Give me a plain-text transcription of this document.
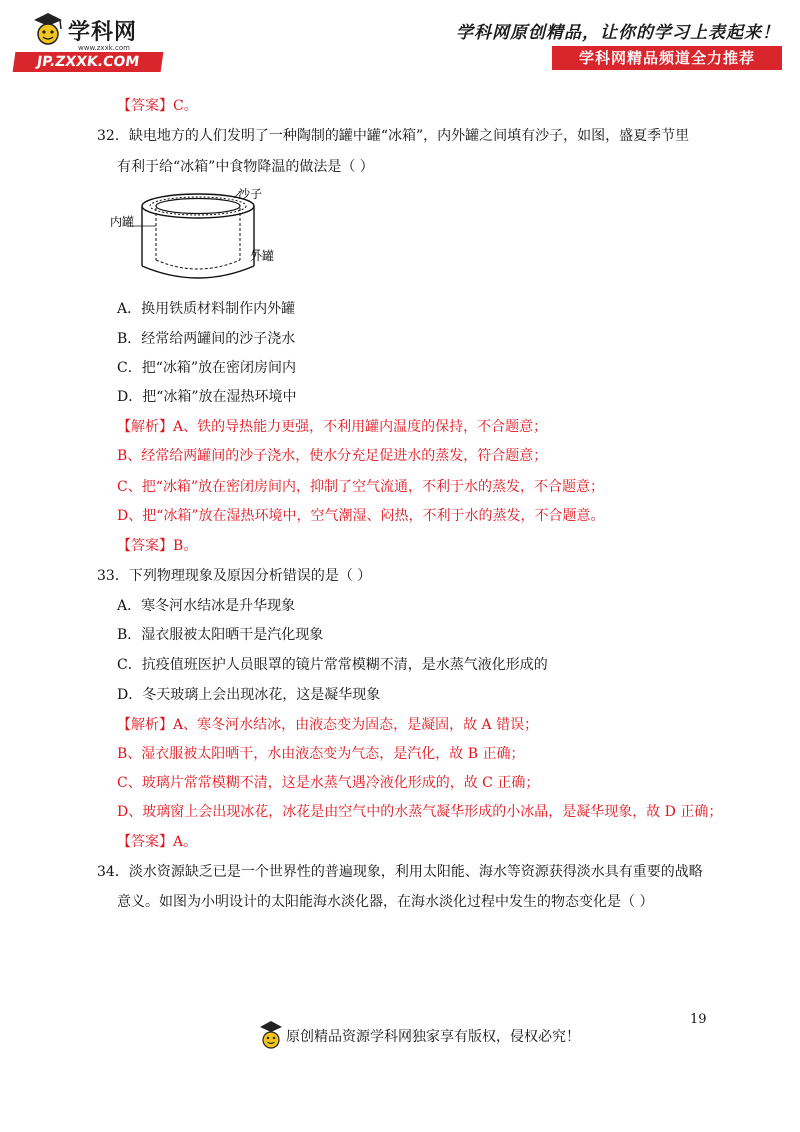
学科网
www.zxxk.com
JP.ZXXK.COM
学科网原创精品，让你的学习上表起来！
学科网精品频道全力推荐
【答案】C。
32．缺电地方的人们发明了一种陶制的罐中罐“冰箱”，内外罐之间填有沙子，如图，盛夏季节里
有利于给“冰箱”中食物降温的做法是（ ）
沙子
内罐
外罐
A．换用铁质材料制作内外罐
B．经常给两罐间的沙子浇水
C．把“冰箱”放在密闭房间内
D．把“冰箱”放在湿热环境中
【解析】A、铁的导热能力更强，不利用罐内温度的保持，不合题意；
B、经常给两罐间的沙子浇水，使水分充足促进水的蒸发，符合题意；
C、把“冰箱”放在密闭房间内，抑制了空气流通，不利于水的蒸发，不合题意；
D、把“冰箱”放在湿热环境中，空气潮湿、闷热，不利于水的蒸发，不合题意。
【答案】B。
33．下列物理现象及原因分析错误的是（ ）
A．寒冬河水结冰是升华现象
B．湿衣服被太阳晒干是汽化现象
C．抗疫值班医护人员眼罩的镜片常常模糊不清，是水蒸气液化形成的
D．冬天玻璃上会出现冰花，这是凝华现象
【解析】A、寒冬河水结冰，由液态变为固态，是凝固，故 A 错误；
B、湿衣服被太阳晒干，水由液态变为气态，是汽化，故 B 正确；
C、玻璃片常常模糊不清，这是水蒸气遇冷液化形成的，故 C 正确；
D、玻璃窗上会出现冰花，冰花是由空气中的水蒸气凝华形成的小冰晶，是凝华现象，故 D 正确；
【答案】A。
34．淡水资源缺乏已是一个世界性的普遍现象，利用太阳能、海水等资源获得淡水具有重要的战略
意义。如图为小明设计的太阳能海水淡化器，在海水淡化过程中发生的物态变化是（ ）
19
原创精品资源学科网独家享有版权，侵权必究！
